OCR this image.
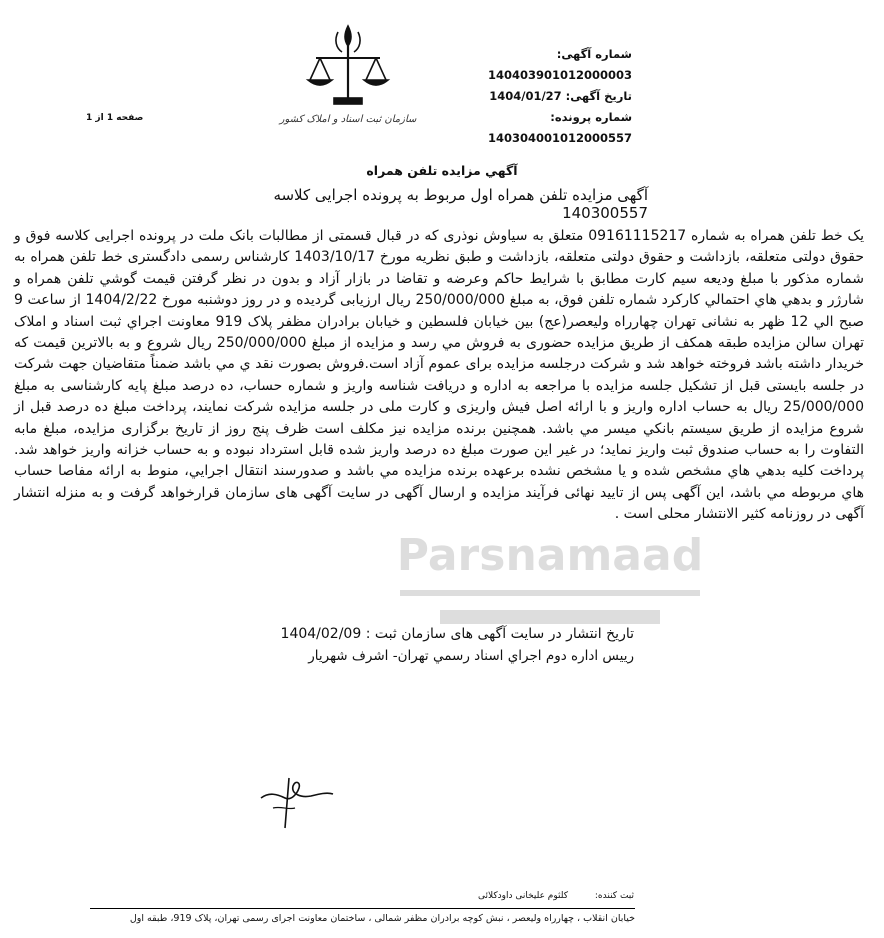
شماره آگهی: 140403901012000003
تاریخ آگهی: 1404/01/27
شماره پرونده: 140304001012000557
سازمان ثبت اسناد و املاک کشور
صفحه 1 از 1
آگهي مزایده تلفن همراه
آگهی مزایده تلفن همراه اول مربوط به پرونده اجرایی کلاسه 140300557
Parsnamaad
یک خط تلفن همراه به شماره 09161115217 متعلق به سیاوش نوذری که در قبال قسمتی از مطالبات بانک ملت در پرونده اجرایی کلاسه فوق و حقوق دولتی متعلقه، بازداشت و حقوق دولتی متعلقه، بازداشت و طبق نظریه مورخ 1403/10/17 کارشناس رسمی دادگستری خط تلفن همراه به شماره مذکور با مبلغ ودیعه سیم کارت مطابق با شرایط حاکم وعرضه و تقاضا در بازار آزاد و بدون در نظر گرفتن قیمت گوشي تلفن همراه و شارژر و بدهي هاي احتمالي کارکرد شماره تلفن فوق، به مبلغ 250/000/000 ریال ارزیابی گردیده و در روز دوشنبه مورخ 1404/2/22 از ساعت 9 صبح الي 12 ظهر به نشانی تهران چهارراه ولیعصر(عج) بین خیابان فلسطین و خیابان برادران مظفر پلاک 919 معاونت اجراي ثبت اسناد و املاک تهران سالن مزایده طبقه همکف از طریق مزایده حضوری به فروش مي رسد و مزایده از مبلغ 250/000/000 ریال شروع و به بالاترین قیمت که خریدار داشته باشد فروخته خواهد شد و شرکت درجلسه مزایده برای عموم آزاد است.فروش بصورت نقد ي مي باشد ضمناً متقاضیان جهت شرکت در جلسه بایستی قبل از تشکیل جلسه مزایده با مراجعه به اداره و دریافت شناسه واریز و شماره حساب، ده درصد مبلغ پایه کارشناسی به مبلغ 25/000/000 ریال به حساب اداره واریز و با ارائه اصل فیش واریزی و کارت ملی در جلسه مزایده شرکت نمایند، پرداخت مبلغ ده درصد قبل از شروع مزایده از طریق سیستم بانکي میسر مي باشد. همچنین برنده مزایده نیز مکلف است ظرف پنج روز از تاریخ برگزاری مزایده، مبلغ مابه التفاوت را به حساب صندوق ثبت واریز نماید؛ در غیر این صورت مبلغ ده درصد واریز شده قابل استرداد نبوده و به حساب خزانه واریز خواهد شد. پرداخت کلیه بدهي هاي مشخص شده و یا مشخص نشده برعهده برنده مزایده مي باشد و صدورسند انتقال اجرایي، منوط به ارائه مفاصا حساب هاي مربوطه مي باشد، این آگهی پس از تایید نهائی فرآیند مزایده و ارسال آگهی در سایت آگهی های سازمان قرارخواهد گرفت و به منزله انتشار آگهی در روزنامه کثیر الانتشار محلی است .
تاریخ انتشار در سایت آگهی های سازمان ثبت : 1404/02/09
رییس اداره دوم اجراي اسناد رسمي تهران- اشرف شهریار
ثبت کننده: کلثوم علیخانی داودکلائی
خیابان انقلاب ، چهارراه ولیعصر ، نبش کوچه برادران مظفر شمالی ، ساختمان معاونت اجرای رسمی تهران، پلاک 919، طبقه اول
